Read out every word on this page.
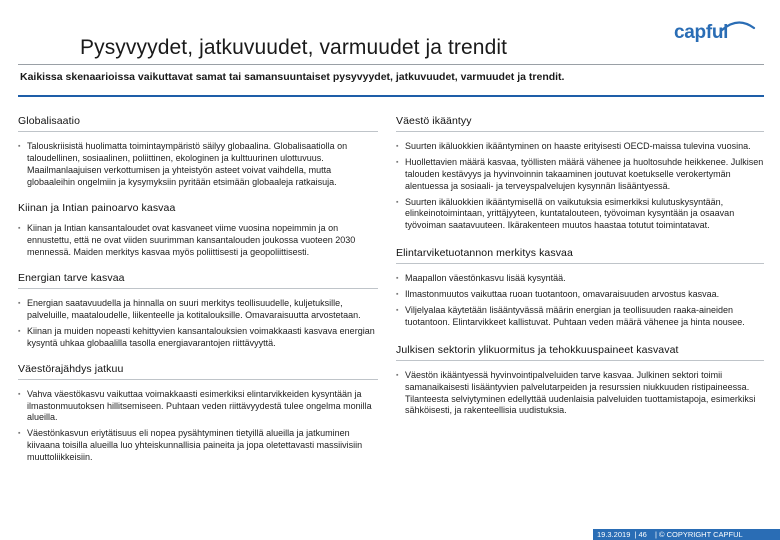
Pysyvyydet, jatkuvuudet, varmuudet ja trendit
capful
Kaikissa skenaarioissa vaikuttavat samat tai samansuuntaiset pysyvyydet, jatkuvuudet, varmuudet ja trendit.
Globalisaatio

▪ Talouskriisistä huolimatta toimintaympäristö säilyy globaalina. Globalisaatiolla on taloudellinen, sosiaalinen, poliittinen, ekologinen ja kulttuurinen ulottuvuus. Maailmanlaajuisen verkottumisen ja yhteistyön asteet voivat vaihdella, mutta globaaleihin ongelmiin ja kysymyksiin pyritään etsimään globaaleja ratkaisuja.

Kiinan ja Intian painoarvo kasvaa

▪ Kiinan ja Intian kansantaloudet ovat kasvaneet viime vuosina nopeimmin ja on ennustettu, että ne ovat viiden suurimman kansantalouden joukossa vuoteen 2030 mennessä. Maiden merkitys kasvaa myös poliittisesti ja geopoliittisesti.

Energian tarve kasvaa

▪ Energian saatavuudella ja hinnalla on suuri merkitys teollisuudelle, kuljetuksille, palveluille, maataloudelle, liikenteelle ja kotitalouksille. Omavaraisuutta arvostetaan.

▪ Kiinan ja muiden nopeasti kehittyvien kansantalouksien voimakkaasti kasvava energian kysyntä uhkaa globaalilla tasolla energiavarantojen riittävyyttä.

Väestörajähdys jatkuu

▪ Vahva väestökasvu vaikuttaa voimakkaasti esimerkiksi elintarvikkeiden kysyntään ja ilmastonmuutoksen hillitsemiseen. Puhtaan veden riittävyydestä tulee ongelma monilla alueilla.

▪ Väestönkasvun eriytätisuus eli nopea pysähtyminen tietyillä alueilla ja jatkuminen kiivaana toisilla alueilla luo yhteiskunnallisia paineita ja jopa oletettavasti massiivisiin muuttoliikkeisiin.

Väestö ikääntyy

▪ Suurten ikäluokkien ikääntyminen on haaste erityisesti OECD-maissa tulevina vuosina.

▪ Huollettavien määrä kasvaa, työllisten määrä vähenee ja huoltosuhde heikkenee. Julkisen talouden kestävyys ja hyvinvoinnin takaaminen joutuvat koetukselle verokertymän alentuessa ja sosiaali- ja terveyspalvelujen kysynnän lisääntyessä.

▪ Suurten ikäluokkien ikääntymisellä on vaikutuksia esimerkiksi kulutuskysyntään, elinkeinotoimintaan, yrittäjyyteen, kuntatalouteen, työvoiman kysyntään ja osaavan työvoiman saatavuuteen. Ikärakenteen muutos haastaa totutut toimintatavat.

Elintarviketuotannon merkitys kasvaa

▪ Maapallon väestönkasvu lisää kysyntää.

▪ Ilmastonmuutos vaikuttaa ruoan tuotantoon, omavaraisuuden arvostus kasvaa.

▪ Viljelyalaa käytetään lisääntyvässä määrin energian ja teollisuuden raaka-aineiden tuotantoon. Elintarvikkeet kallistuvat. Puhtaan veden määrä vähenee ja hinta nousee.

Julkisen sektorin ylikuormitus ja tehokkuuspaineet kasvavat

▪ Väestön ikääntyessä hyvinvointipalveluiden tarve kasvaa. Julkinen sektori toimii samanaikaisesti lisääntyvien palvelutarpeiden ja resurssien niukkuuden ristipaineessa. Tilanteesta selviytyminen edellyttää uudenlaisia palveluiden tuottamistapoja, esimerkiksi sähköisesti, ja rakenteellisia uudistuksia.

19.3.2019 | 46 | © COPYRIGHT CAPFUL
